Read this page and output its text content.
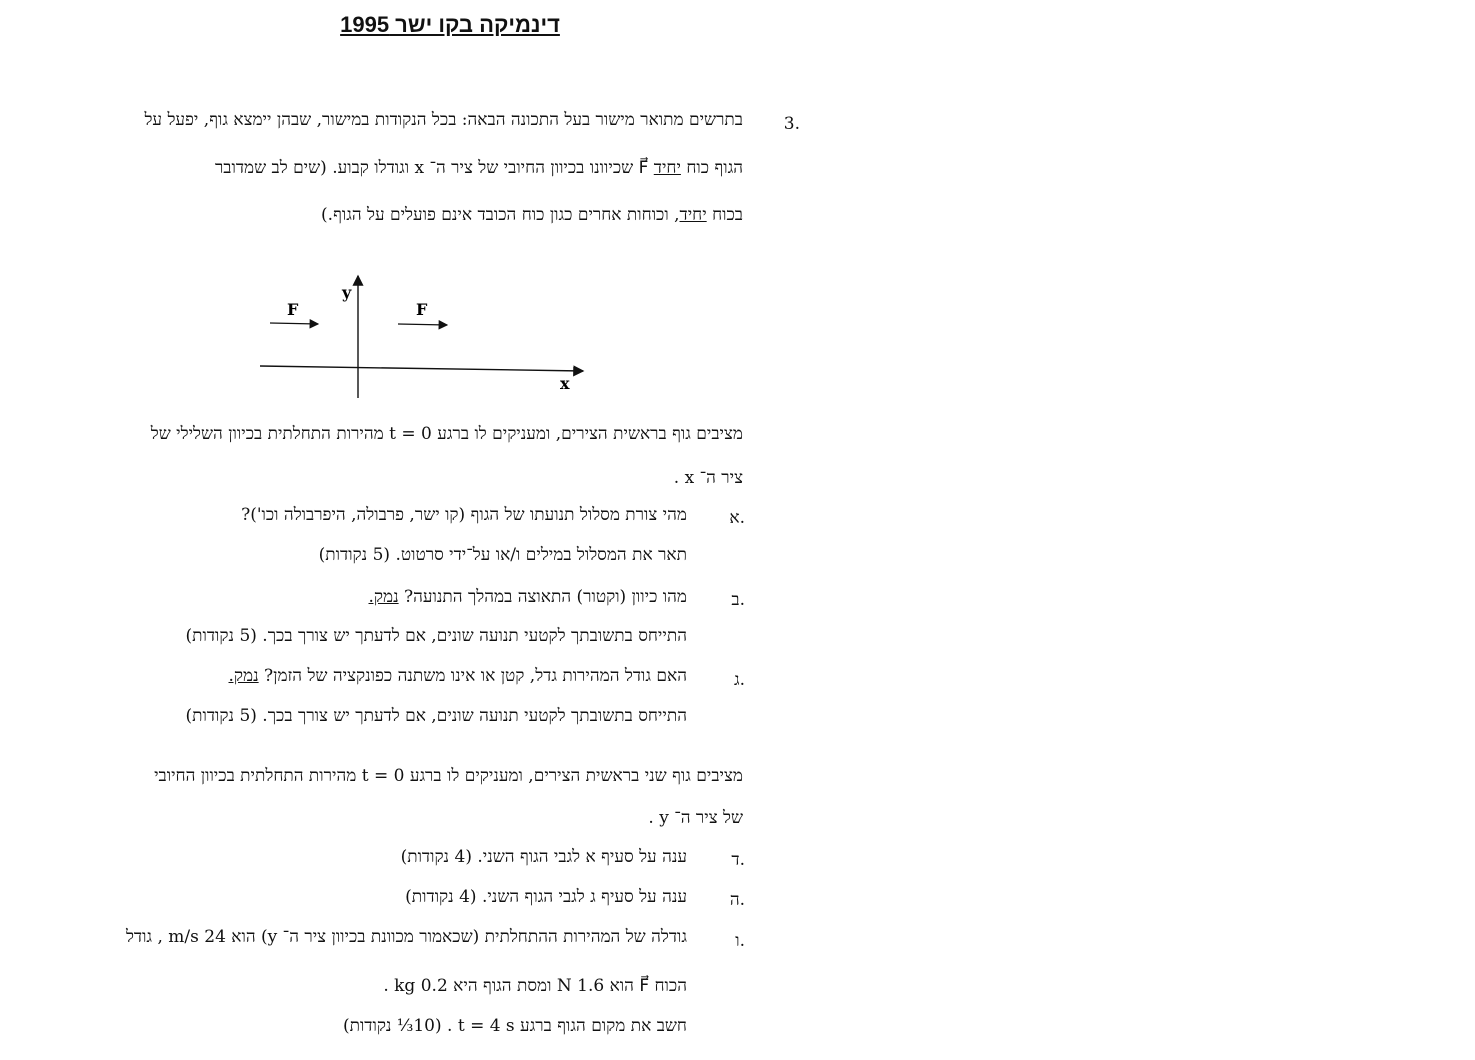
דינמיקה בקו ישר 1995
3.
בתרשים מתואר מישור בעל התכונה הבאה: בכל הנקודות במישור, שבהן יימצא גוף, יפעל על
הגוף כוח יחיד F⃗ שכיוונו בכיוון החיובי של ציר ה־ x וגודלו קבוע. (שים לב שמדובר
בכוח יחיד, וכוחות אחרים כגון כוח הכובד אינם פועלים על הגוף.)
y
x
F	F
מציבים גוף בראשית הצירים, ומעניקים לו ברגע t = 0 מהירות התחלתית בכיוון השלילי של
ציר ה־ x .
א.
מהי צורת מסלול תנועתו של הגוף (קו ישר, פרבולה, היפרבולה וכו')?
תאר את המסלול במילים ו/או על־ידי סרטוט. (5 נקודות)
ב.
מהו כיוון (וקטור) התאוצה במהלך התנועה? נמק.
התייחס בתשובתך לקטעי תנועה שונים, אם לדעתך יש צורך בכך. (5 נקודות)
ג.
האם גודל המהירות גדל, קטן או אינו משתנה כפונקציה של הזמן? נמק.
התייחס בתשובתך לקטעי תנועה שונים, אם לדעתך יש צורך בכך. (5 נקודות)
מציבים גוף שני בראשית הצירים, ומעניקים לו ברגע t = 0 מהירות התחלתית בכיוון החיובי
של ציר ה־ y .
ד.
ענה על סעיף א לגבי הגוף השני. (4 נקודות)
ה.
ענה על סעיף ג לגבי הגוף השני. (4 נקודות)
ו.
גודלה של המהירות ההתחלתית (שכאמור מכוונת בכיוון ציר ה־ y) הוא 24 m/s , גודל
הכוח F⃗ הוא 1.6 N ומסת הגוף היא 0.2 kg .
חשב את מקום הגוף ברגע t = 4 s . (10⅓ נקודות)
